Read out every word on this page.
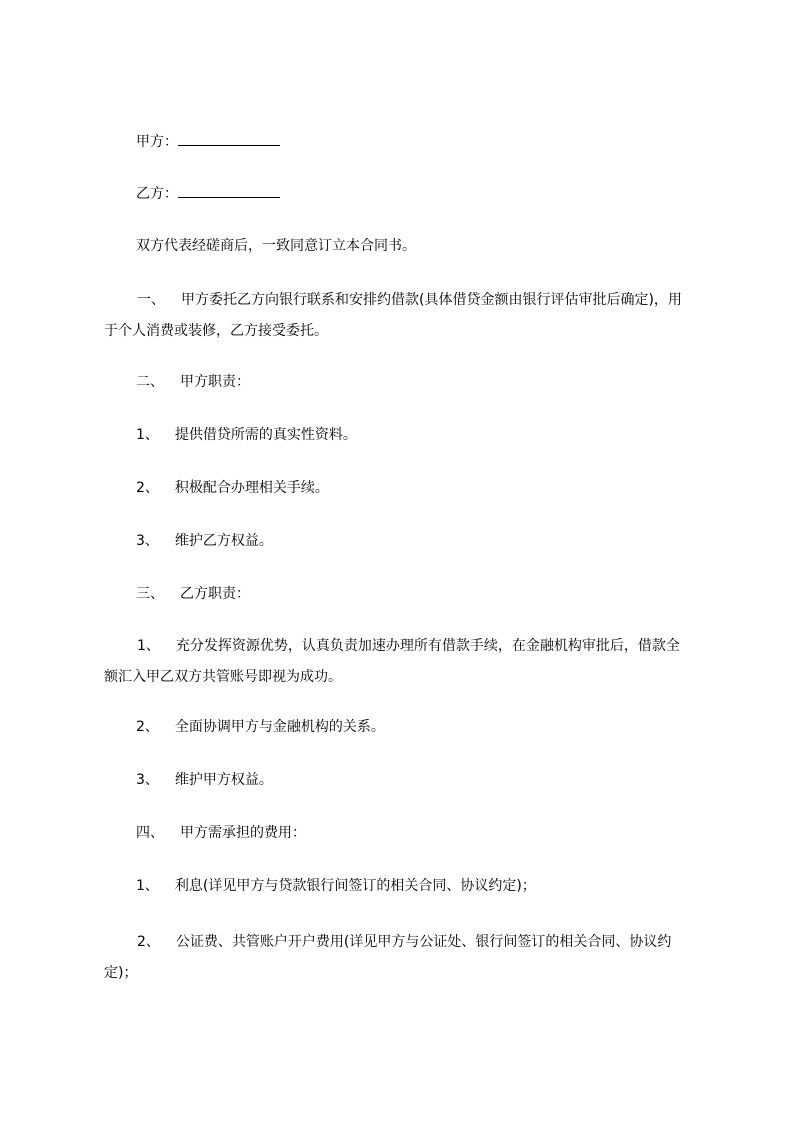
甲方：
乙方：
双方代表经磋商后，一致同意订立本合同书。
一、 甲方委托乙方向银行联系和安排约借款(具体借贷金额由银行评估审批后确定)，用于个人消费或装修，乙方接受委托。
二、 甲方职责：
1、 提供借贷所需的真实性资料。
2、 积极配合办理相关手续。
3、 维护乙方权益。
三、 乙方职责：
1、 充分发挥资源优势，认真负责加速办理所有借款手续，在金融机构审批后，借款全额汇入甲乙双方共管账号即视为成功。
2、 全面协调甲方与金融机构的关系。
3、 维护甲方权益。
四、 甲方需承担的费用：
1、 利息(详见甲方与贷款银行间签订的相关合同、协议约定)；
2、 公证费、共管账户开户费用(详见甲方与公证处、银行间签订的相关合同、协议约定)；
